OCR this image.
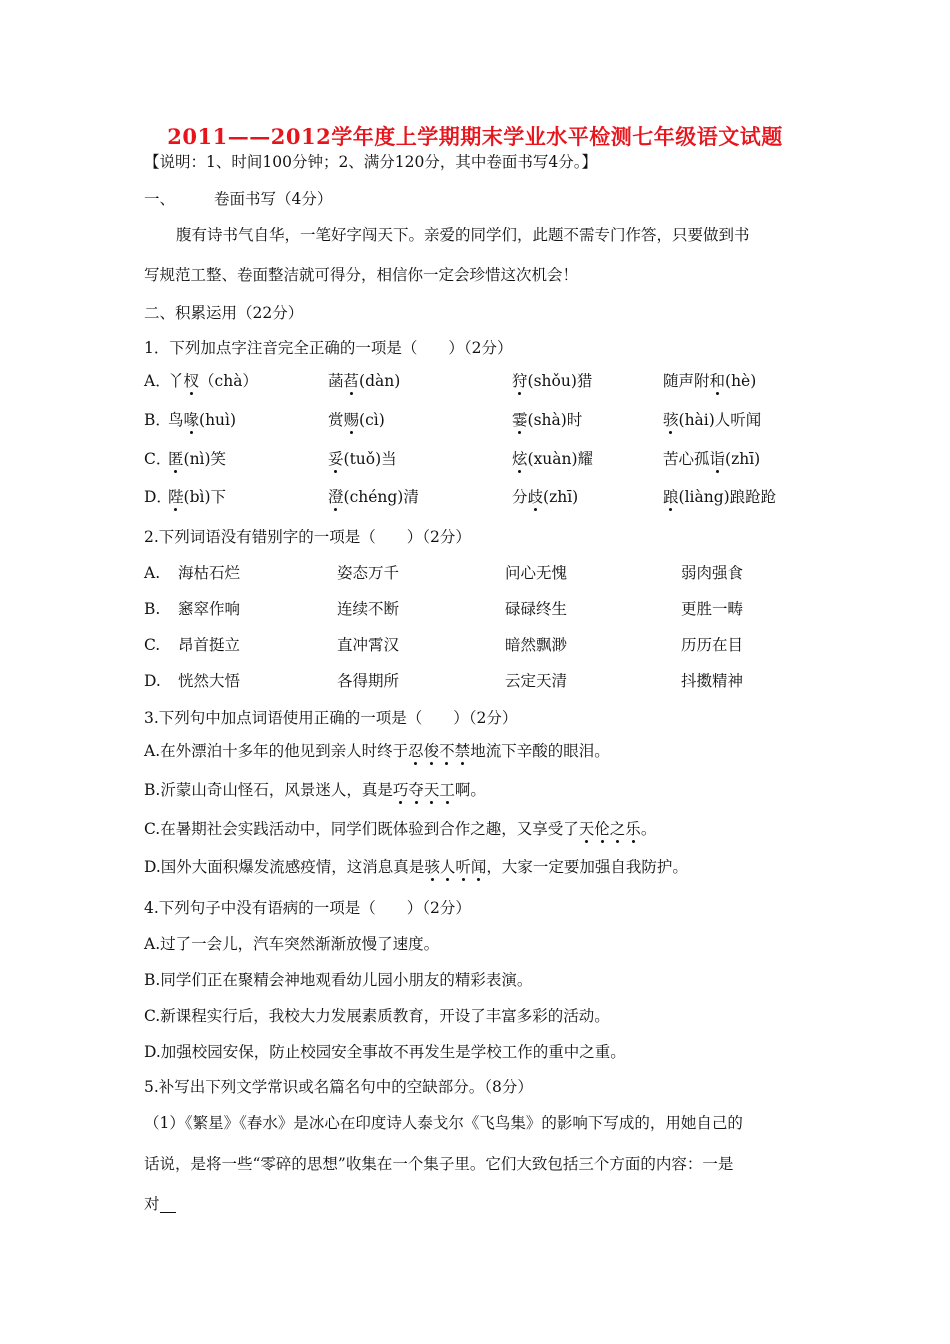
2011——2012学年度上学期期末学业水平检测七年级语文试题
【说明：1、时间100分钟；2、满分120分，其中卷面书写4分。】
一、	卷面书写（4分）
腹有诗书气自华，一笔好字闯天下。亲爱的同学们，此题不需专门作答，只要做到书
写规范工整、卷面整洁就可得分，相信你一定会珍惜这次机会！
二、积累运用（22分）
1．下列加点字注音完全正确的一项是（　　）（2分）
A．
丫杈（chà）	菡萏(dàn)	狩(shǒu)猎	随声附和(hè)
B．
鸟喙(huì)	赏赐(cì)	霎(shà)时	骇(hài)人听闻
C．
匿(nì)笑	妥(tuǒ)当	炫(xuàn)耀	苦心孤诣(zhī)
D．
陛(bì)下	澄(chéng)清	分歧(zhī)	踉(liàng)踉跄跄
2.下列词语没有错别字的一项是（　　）（2分）
A. 海枯石烂	姿态万千	问心无愧	弱肉强食
B. 窸窣作响	连续不断	碌碌终生	更胜一畴
C. 昂首挺立	直冲霄汉	暗然飘渺	历历在目
D. 恍然大悟	各得期所	云定天清	抖擞精神
3.下列句中加点词语使用正确的一项是（　　）（2分）
A.在外漂泊十多年的他见到亲人时终于忍俊不禁地流下辛酸的眼泪。
B.沂蒙山奇山怪石，风景迷人，真是巧夺天工啊。
C.在暑期社会实践活动中，同学们既体验到合作之趣，又享受了天伦之乐。
D.国外大面积爆发流感疫情，这消息真是骇人听闻，大家一定要加强自我防护。
4.下列句子中没有语病的一项是（　　）（2分）
A.过了一会儿，汽车突然渐渐放慢了速度。
B.同学们正在聚精会神地观看幼儿园小朋友的精彩表演。
C.新课程实行后，我校大力发展素质教育，开设了丰富多彩的活动。
D.加强校园安保，防止校园安全事故不再发生是学校工作的重中之重。
5.补写出下列文学常识或名篇名句中的空缺部分。（8分）
（1）《繁星》《春水》是冰心在印度诗人泰戈尔《飞鸟集》的影响下写成的，用她自己的
话说，是将一些“零碎的思想”收集在一个集子里。它们大致包括三个方面的内容：一是
对
